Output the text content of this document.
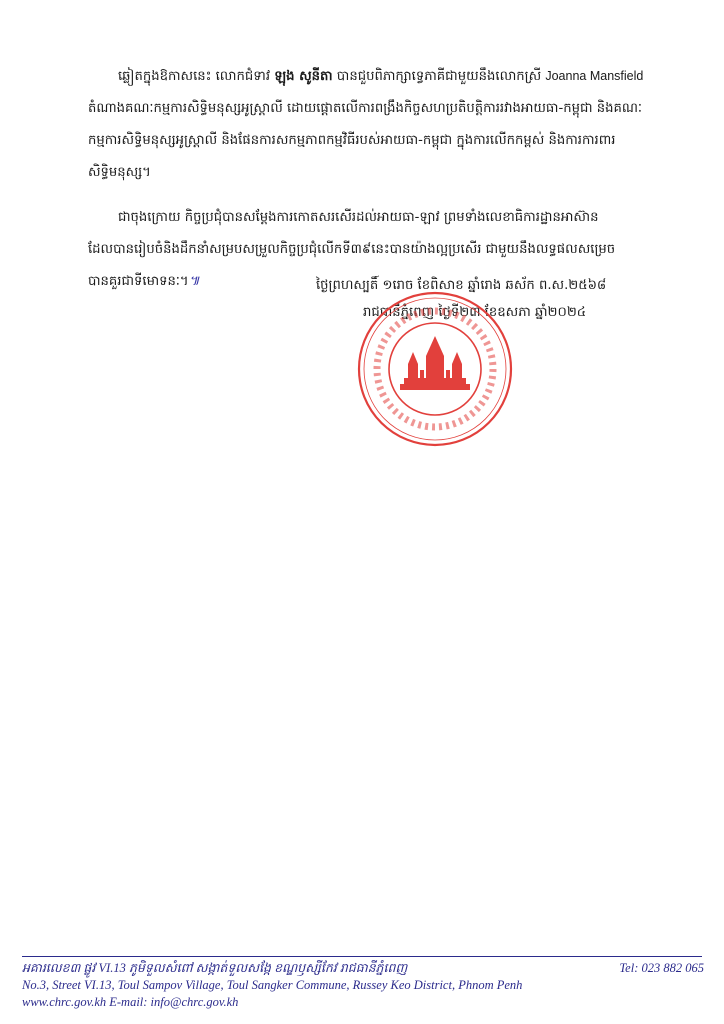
ឆ្លៀតក្នុងឱកាសនេះ លោកជំទាវ ឡុង សូនីតា បានជួបពិភាក្សាទ្វេភាគីជាមួយនឹងលោកស្រី Joanna Mansfield
តំណាងគណៈកម្មការសិទ្ធិមនុស្សអូស្ត្រាលី ដោយផ្តោតលើការពង្រឹងកិច្ចសហប្រតិបត្តិការរវាងអាយធា-កម្ពុជា និងគណៈ
កម្មការសិទ្ធិមនុស្សអូស្ត្រាលី និងផែនការសកម្មភាពកម្មវិធីរបស់អាយធា-កម្ពុជា ក្នុងការលើកកម្ពស់ និងការការពារ
សិទ្ធិមនុស្ស។
ជាចុងក្រោយ កិច្ចប្រជុំបានសម្តែងការកោតសរសើរដល់អាយធា-ឡាវ ព្រមទាំងលេខាធិការដ្ឋានអាស៊ាន
ដែលបានរៀបចំនិងដឹកនាំសម្របសម្រួលកិច្ចប្រជុំលើកទី៣៩នេះបានយ៉ាងល្អប្រសើរ ជាមួយនឹងលទ្ធផលសម្រេច
បានគួរជាទីមោទនៈ។៕	ថ្ងៃព្រហស្បតិ៍ ១រោច ខែពិសាខ ឆ្នាំរោង ឆស័ក ព.ស.២៥៦៨
រាជធានីភ្នំពេញ ថ្ងៃទី២៣ ខែឧសភា ឆ្នាំ២០២៤
អគារលេខ៣ ផ្លូវ VI.13 ភូមិទួលសំពៅ សង្កាត់ទួលសង្កែ ខណ្ឌឫស្សីកែវ រាជធានីភ្នំពេញ	Tel: 023 882 065
No.3, Street VI.13, Toul Sampov Village, Toul Sangker Commune, Russey Keo District, Phnom Penh
www.chrc.gov.kh E-mail: info@chrc.gov.kh
